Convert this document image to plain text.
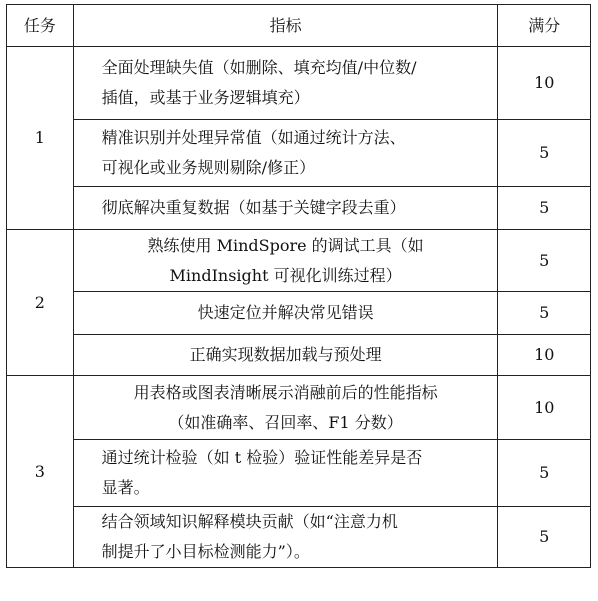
任务	指标	满分
1	全面处理缺失值（如删除、填充均值/中位数/
插值，或基于业务逻辑填充）	10

	精准识别并处理异常值（如通过统计方法、
可视化或业务规则剔除/修正）	5
	彻底解决重复数据（如基于关键字段去重）	5
2	熟练使用 MindSpore 的调试工具（如
MindInsight 可视化训练过程）	5
	快速定位并解决常见错误	5
	正确实现数据加载与预处理	10
3	用表格或图表清晰展示消融前后的性能指标
（如准确率、召回率、F1 分数）	10

	通过统计检验（如 t 检验）验证性能差异是否
显著。	5

	结合领域知识解释模块贡献（如“注意力机
制提升了小目标检测能力”）。	5
